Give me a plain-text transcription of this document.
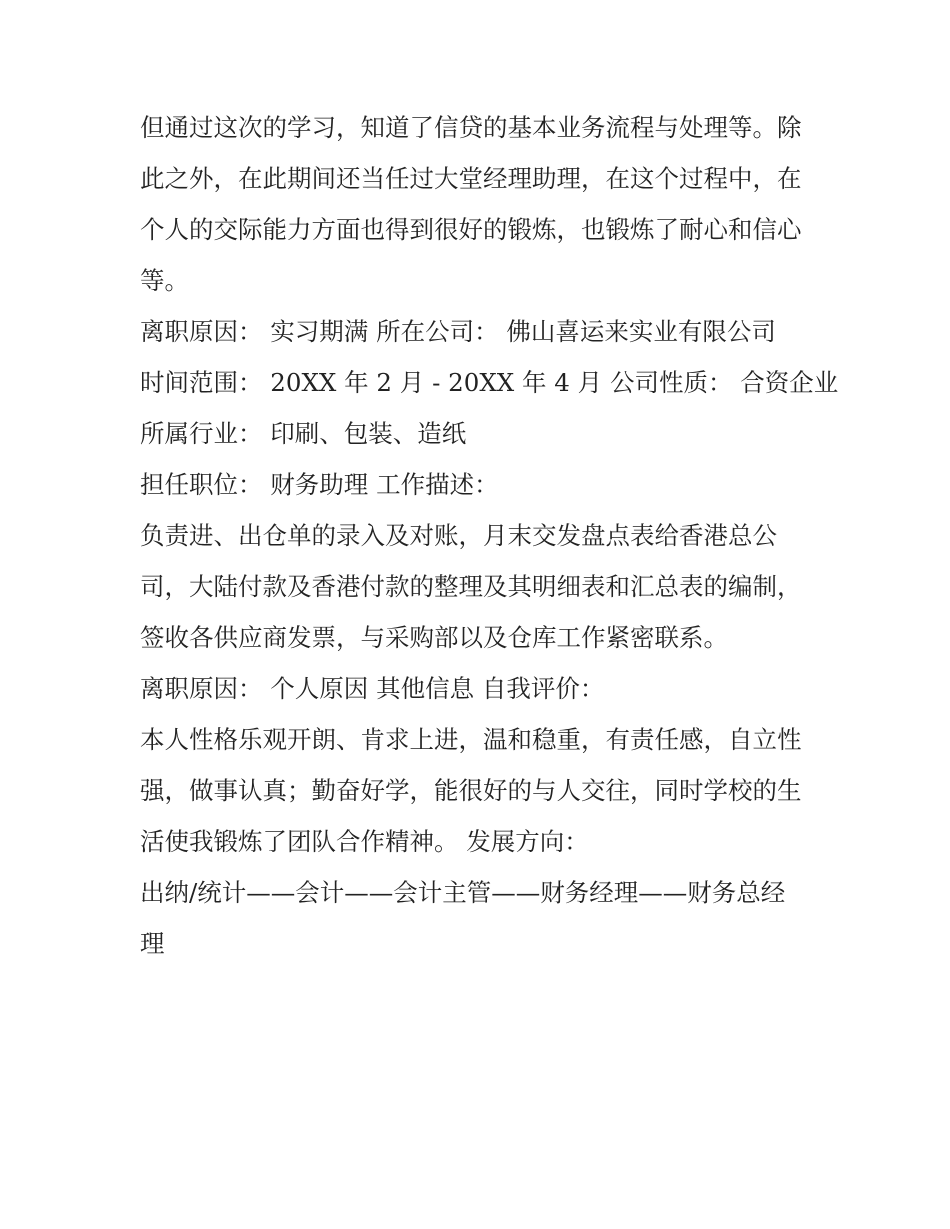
但通过这次的学习，知道了信贷的基本业务流程与处理等。除
此之外，在此期间还当任过大堂经理助理，在这个过程中，在
个人的交际能力方面也得到很好的锻炼，也锻炼了耐心和信心
等。
离职原因： 实习期满 所在公司： 佛山喜运来实业有限公司
时间范围： 20XX 年 2 月 - 20XX 年 4 月 公司性质： 合资企业
所属行业： 印刷、包装、造纸
担任职位： 财务助理 工作描述：
负责进、出仓单的录入及对账，月末交发盘点表给香港总公
司，大陆付款及香港付款的整理及其明细表和汇总表的编制，
签收各供应商发票，与采购部以及仓库工作紧密联系。
离职原因： 个人原因 其他信息 自我评价：
本人性格乐观开朗、肯求上进，温和稳重，有责任感，自立性
强，做事认真；勤奋好学，能很好的与人交往，同时学校的生
活使我锻炼了团队合作精神。 发展方向：
出纳/统计——会计——会计主管——财务经理——财务总经
理
